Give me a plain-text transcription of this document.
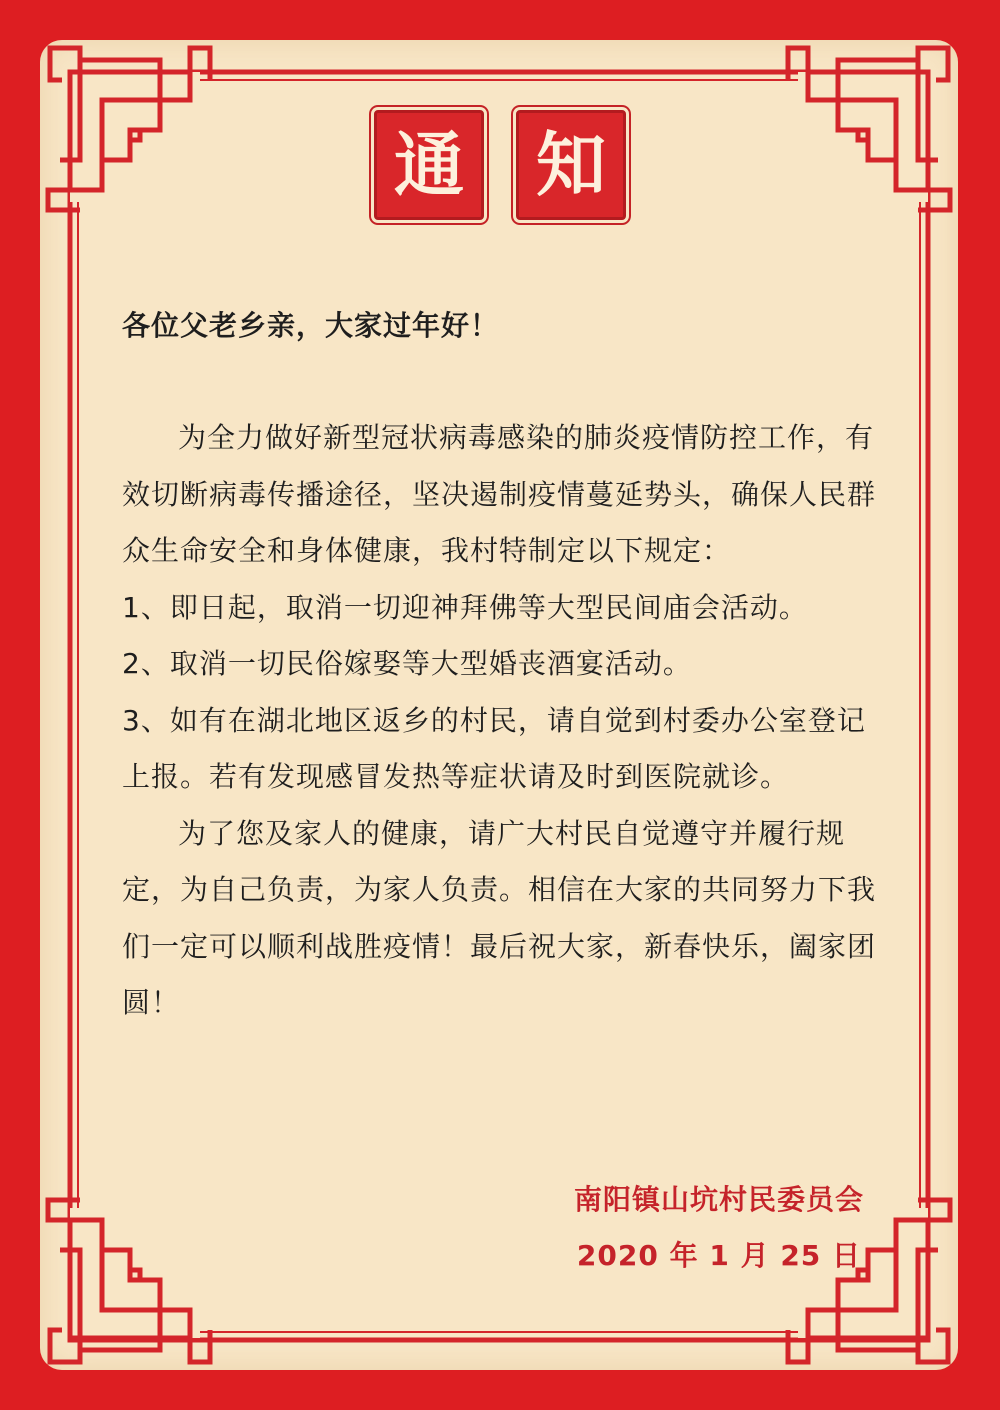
通 知
各位父老乡亲，大家过年好！

为全力做好新型冠状病毒感染的肺炎疫情防控工作，有效切断病毒传播途径，坚决遏制疫情蔓延势头，确保人民群众生命安全和身体健康，我村特制定以下规定：

1、即日起，取消一切迎神拜佛等大型民间庙会活动。

2、取消一切民俗嫁娶等大型婚丧酒宴活动。

3、如有在湖北地区返乡的村民，请自觉到村委办公室登记上报。若有发现感冒发热等症状请及时到医院就诊。

为了您及家人的健康，请广大村民自觉遵守并履行规定，为自己负责，为家人负责。相信在大家的共同努力下我们一定可以顺利战胜疫情！最后祝大家，新春快乐，阖家团圆！

南阳镇山坑村民委员会
2020 年 1 月 25 日
